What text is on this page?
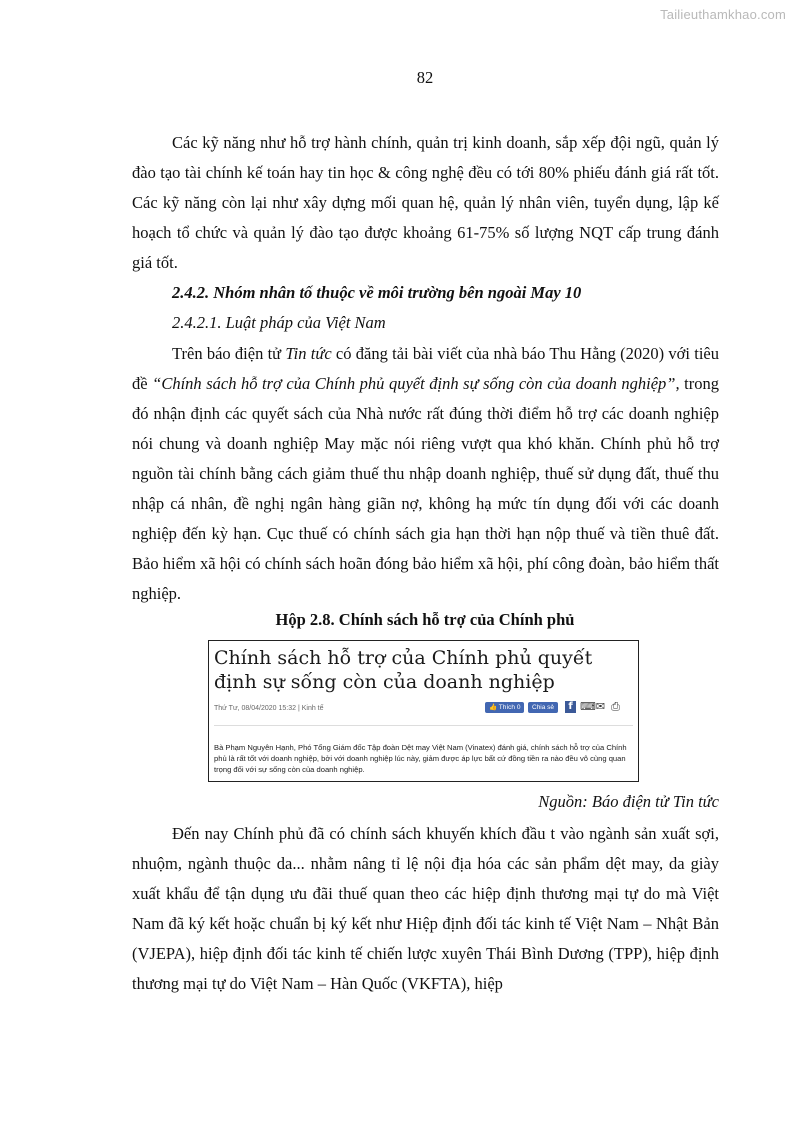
Tailieuthamkhao.com
82

Các kỹ năng như hỗ trợ hành chính, quản trị kinh doanh, sắp xếp đội ngũ, quản lý đào tạo tài chính kế toán hay tin học & công nghệ đều có tới 80% phiếu đánh giá rất tốt. Các kỹ năng còn lại như xây dựng mối quan hệ, quản lý nhân viên, tuyển dụng, lập kế hoạch tổ chức và quản lý đào tạo được khoảng 61-75% số lượng NQT cấp trung đánh giá tốt.

2.4.2. Nhóm nhân tố thuộc về môi trường bên ngoài May 10
2.4.2.1. Luật pháp của Việt Nam

Trên báo điện tử Tin tức có đăng tải bài viết của nhà báo Thu Hằng (2020) với tiêu đề “Chính sách hỗ trợ của Chính phủ quyết định sự sống còn của doanh nghiệp”, trong đó nhận định các quyết sách của Nhà nước rất đúng thời điểm hỗ trợ các doanh nghiệp nói chung và doanh nghiệp May mặc nói riêng vượt qua khó khăn. Chính phủ hỗ trợ nguồn tài chính bằng cách giảm thuế thu nhập doanh nghiệp, thuế sử dụng đất, thuế thu nhập cá nhân, đề nghị ngân hàng giãn nợ, không hạ mức tín dụng đối với các doanh nghiệp đến kỳ hạn. Cục thuế có chính sách gia hạn thời hạn nộp thuế và tiền thuê đất. Bảo hiểm xã hội có chính sách hoãn đóng bảo hiểm xã hội, phí công đoàn, bảo hiểm thất nghiệp.

Hộp 2.8. Chính sách hỗ trợ của Chính phủ
Chính sách hỗ trợ của Chính phủ quyết định sự sống còn của doanh nghiệp
Thứ Tư, 08/04/2020 15:32 | Kinh tế	👍 Thích 0	Chia sẻ	f ⌨ ✉ ⎙
Bà Phạm Nguyên Hạnh, Phó Tổng Giám đốc Tập đoàn Dệt may Việt Nam (Vinatex) đánh giá, chính sách hỗ trợ của Chính phủ là rất tốt với doanh nghiệp, bởi với doanh nghiệp lúc này, giảm được áp lực bất cứ đồng tiền ra nào đều vô cùng quan trọng đối với sự sống còn của doanh nghiệp.
Nguồn: Báo điện tử Tin tức

Đến nay Chính phủ đã có chính sách khuyến khích đầu t vào ngành sản xuất sợi, nhuộm, ngành thuộc da... nhằm nâng tỉ lệ nội địa hóa các sản phẩm dệt may, da giày xuất khẩu để tận dụng ưu đãi thuế quan theo các hiệp định thương mại tự do mà Việt Nam đã ký kết hoặc chuẩn bị ký kết như Hiệp định đối tác kinh tế Việt Nam – Nhật Bản (VJEPA), hiệp định đối tác kinh tế chiến lược xuyên Thái Bình Dương (TPP), hiệp định thương mại tự do Việt Nam – Hàn Quốc (VKFTA), hiệp
